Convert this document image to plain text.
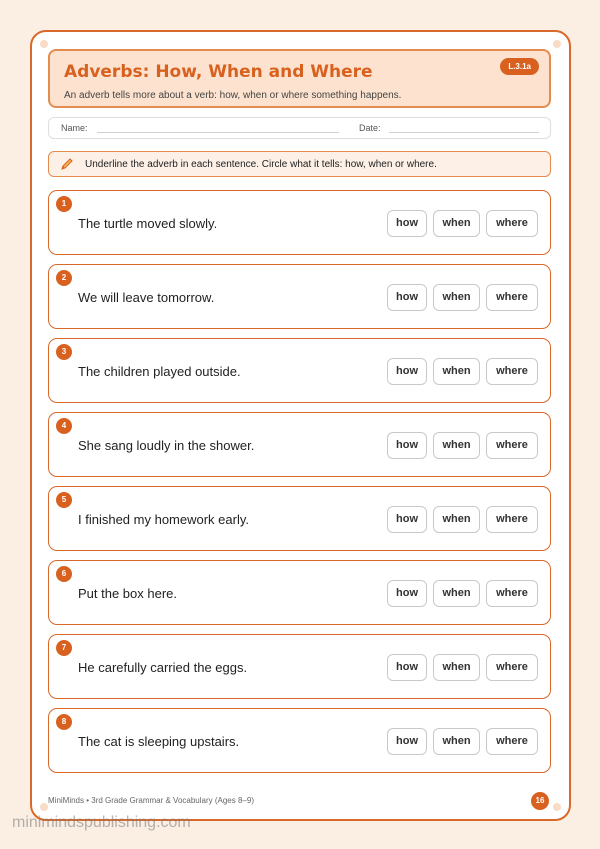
Adverbs: How, When and Where
An adverb tells more about a verb: how, when or where something happens.
L.3.1a
Name:	Date:
Underline the adverb in each sentence. Circle what it tells: how, when or where.
1
The turtle moved slowly.	how	when	where
2
We will leave tomorrow.	how	when	where
3
The children played outside.	how	when	where
4
She sang loudly in the shower.	how	when	where
5
I finished my homework early.	how	when	where
6
Put the box here.	how	when	where
7
He carefully carried the eggs.	how	when	where
8
The cat is sleeping upstairs.	how	when	where
MiniMinds • 3rd Grade Grammar & Vocabulary (Ages 8–9)	16
minimindspublishing.com
